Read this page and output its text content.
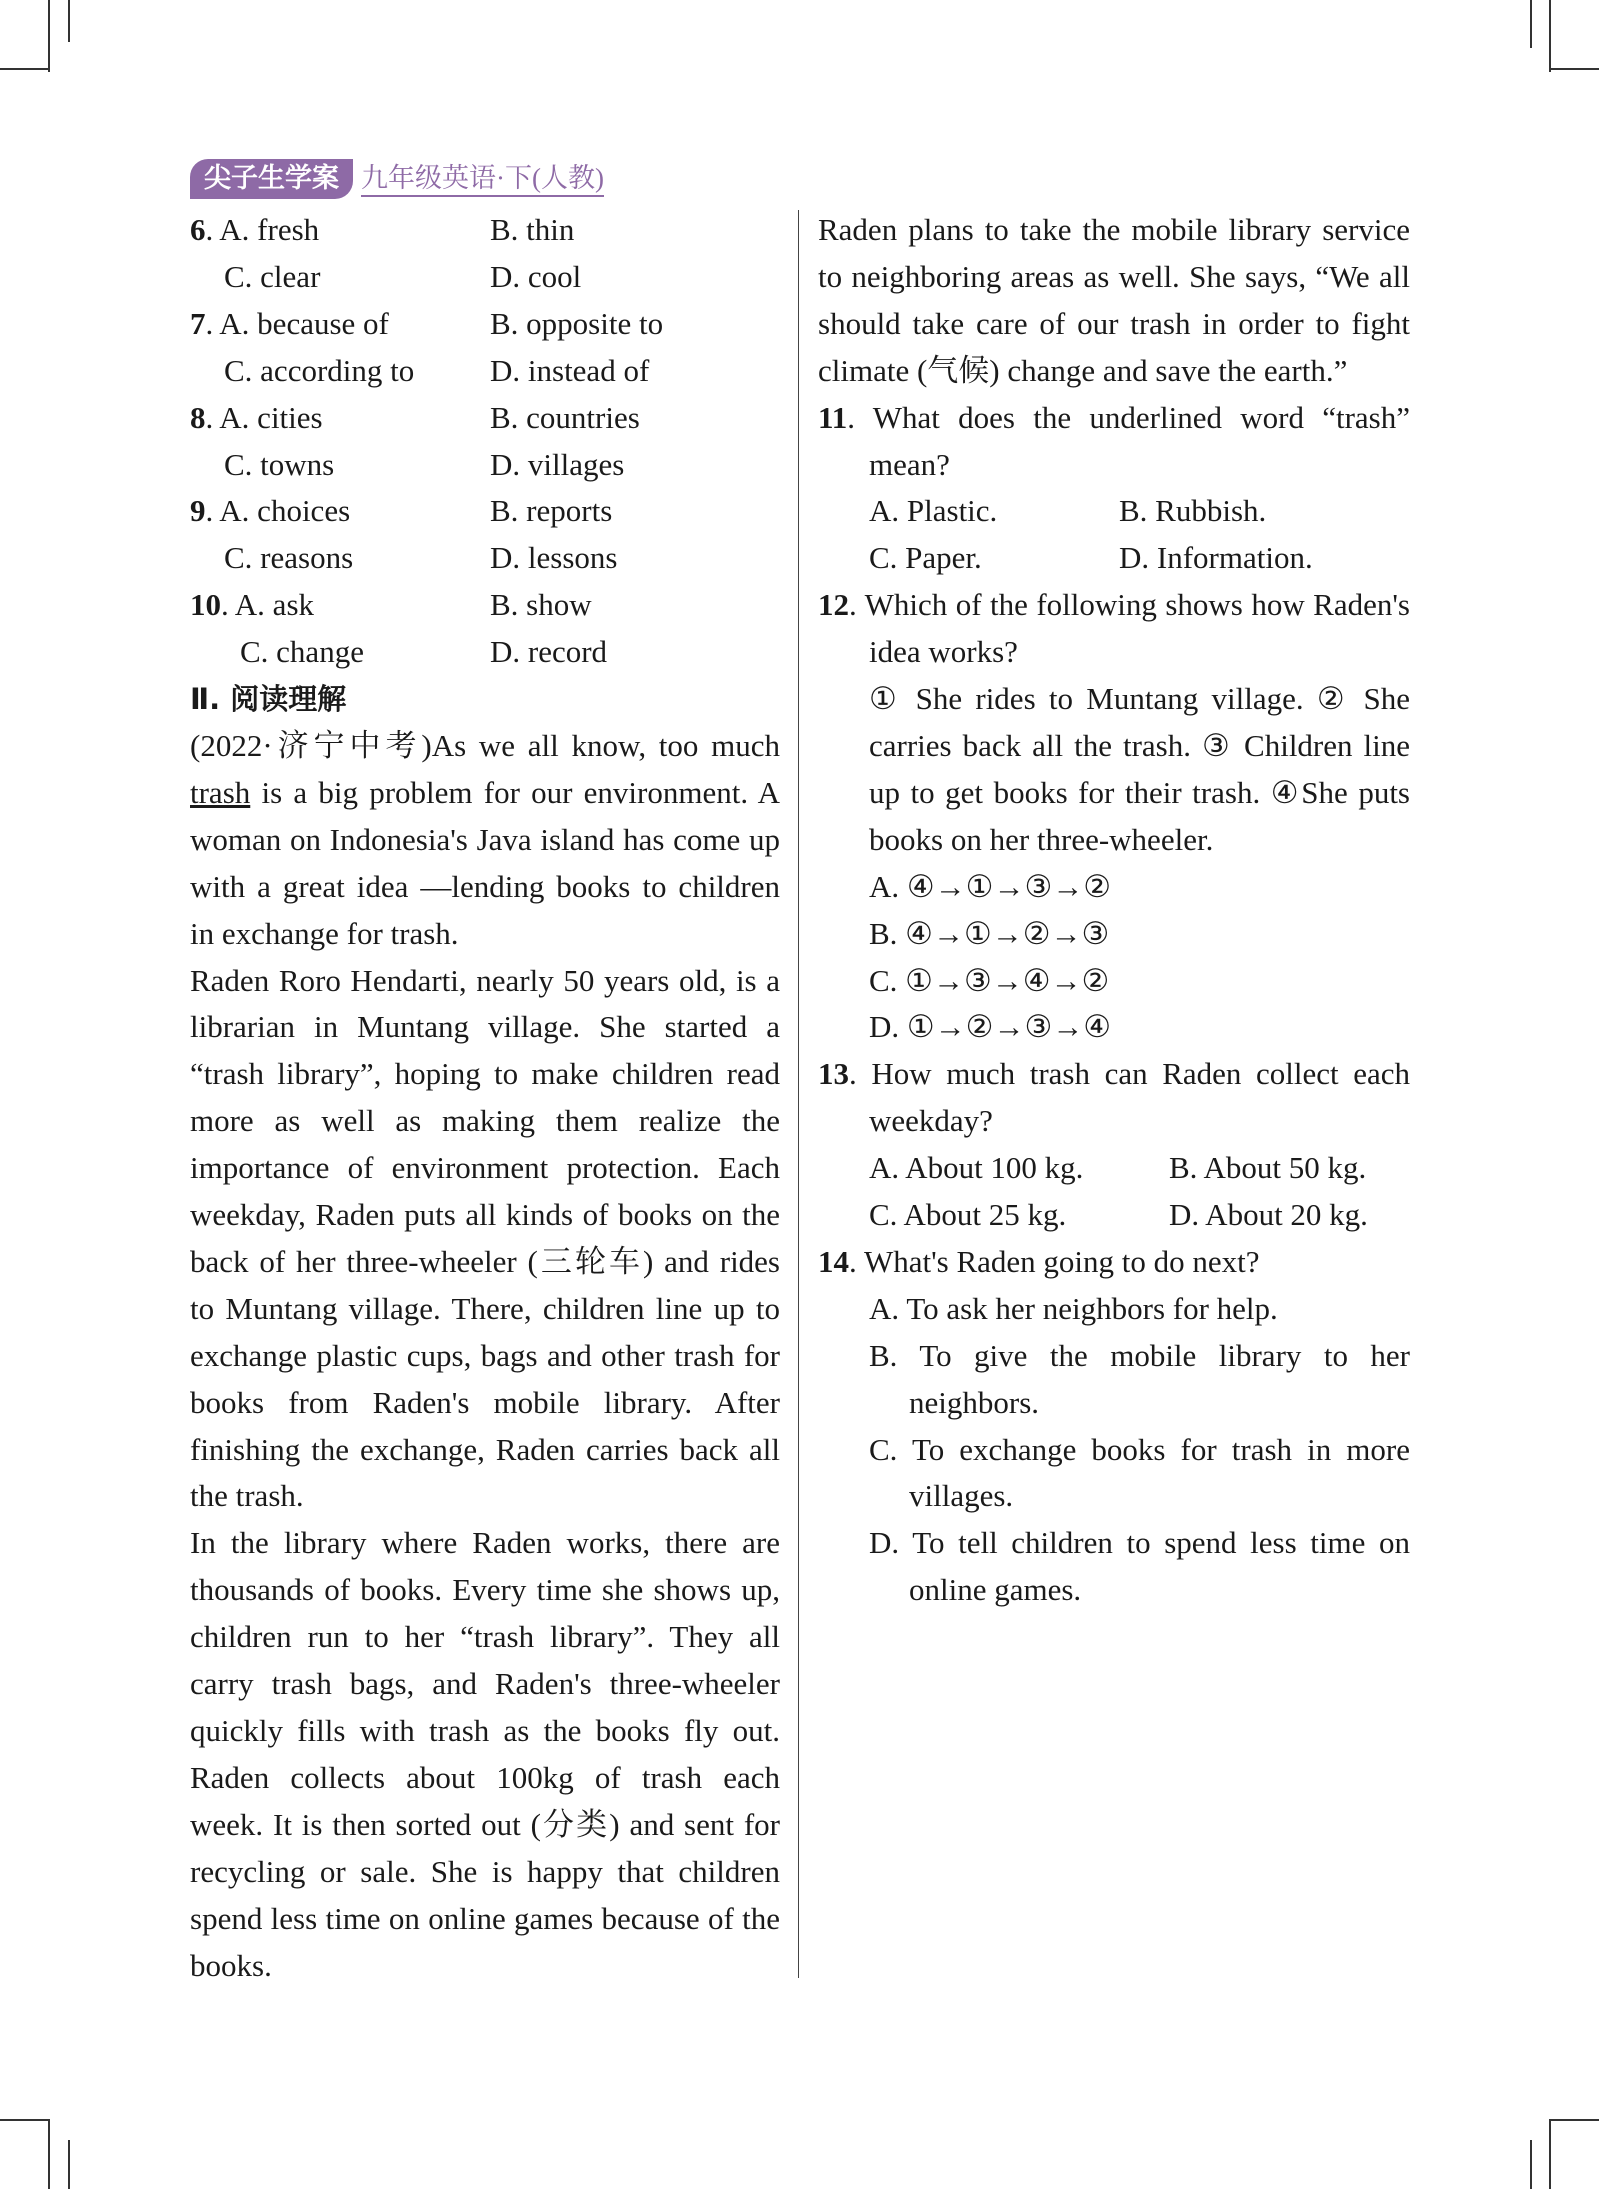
尖子生学案 九年级英语·下(人教)
6. A. fresh	B. thin
C. clear	D. cool
7. A. because of	B. opposite to
C. according to	D. instead of
8. A. cities	B. countries
C. towns	D. villages
9. A. choices	B. reports
C. reasons	D. lessons
10. A. ask	B. show
C. change	D. record
Ⅱ. 阅读理解
(2022·济宁中考)As we all know, too much trash is a big problem for our environment. A woman on Indonesia's Java island has come up with a great idea —lending books to children in exchange for trash.
Raden Roro Hendarti, nearly 50 years old, is a librarian in Muntang village. She started a “trash library”, hoping to make children read more as well as making them realize the importance of environment protection. Each weekday, Raden puts all kinds of books on the back of her three-wheeler (三轮车) and rides to Muntang village. There, children line up to exchange plastic cups, bags and other trash for books from Raden's mobile library. After finishing the exchange, Raden carries back all the trash.
In the library where Raden works, there are thousands of books. Every time she shows up, children run to her “trash library”. They all carry trash bags, and Raden's three-wheeler quickly fills with trash as the books fly out. Raden collects about 100kg of trash each week. It is then sorted out (分类) and sent for recycling or sale. She is happy that children spend less time on online games because of the books.
Raden plans to take the mobile library service to neighboring areas as well. She says, “We all should take care of our trash in order to fight climate (气候) change and save the earth.”
11. What does the underlined word “trash” mean?
A. Plastic.	B. Rubbish.
C. Paper.	D. Information.
12. Which of the following shows how Raden's idea works?
① She rides to Muntang village. ② She carries back all the trash. ③ Children line up to get books for their trash. ④She puts books on her three-wheeler.
A. ④→①→③→②
B. ④→①→②→③
C. ①→③→④→②
D. ①→②→③→④
13. How much trash can Raden collect each weekday?
A. About 100 kg.	B. About 50 kg.
C. About 25 kg.	D. About 20 kg.
14. What's Raden going to do next?
A. To ask her neighbors for help.
B. To give the mobile library to her neighbors.
C. To exchange books for trash in more villages.
D. To tell children to spend less time on online games.
